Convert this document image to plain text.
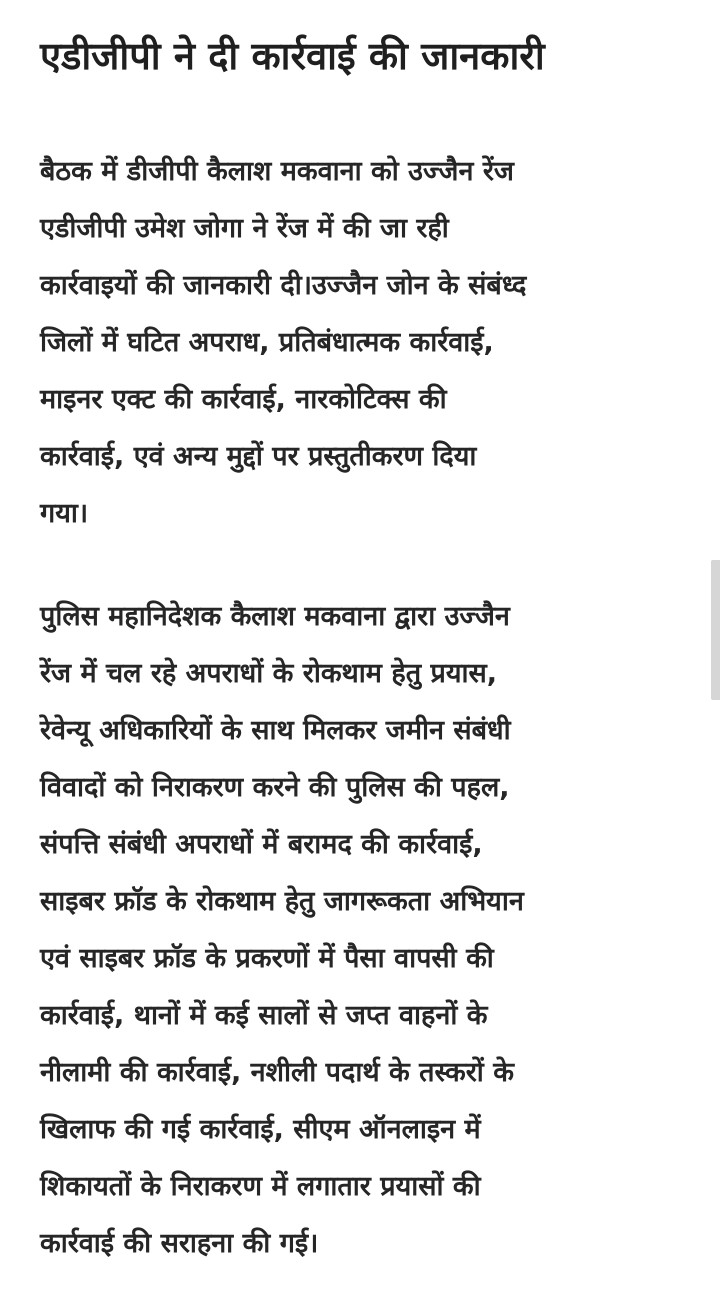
एडीजीपी ने दी कार्रवाई की जानकारी
बैठक में डीजीपी कैलाश मकवाना को उज्जैन रेंज
एडीजीपी उमेश जोगा ने रेंज में की जा रही
कार्रवाइयों की जानकारी दी।उज्जैन जोन के संबंध्द
जिलों में घटित अपराध, प्रतिबंधात्मक कार्रवाई,
माइनर एक्ट की कार्रवाई, नारकोटिक्स की
कार्रवाई, एवं अन्य मुद्दों पर प्रस्तुतीकरण दिया
गया।
पुलिस महानिदेशक कैलाश मकवाना द्वारा उज्जैन
रेंज में चल रहे अपराधों के रोकथाम हेतु प्रयास,
रेवेन्यू अधिकारियों के साथ मिलकर जमीन संबंधी
विवादों को निराकरण करने की पुलिस की पहल,
संपत्ति संबंधी अपराधों में बरामद की कार्रवाई,
साइबर फ्रॉड के रोकथाम हेतु जागरूकता अभियान
एवं साइबर फ्रॉड के प्रकरणों में पैसा वापसी की
कार्रवाई, थानों में कई सालों से जप्त वाहनों के
नीलामी की कार्रवाई, नशीली पदार्थ के तस्करों के
खिलाफ की गई कार्रवाई, सीएम ऑनलाइन में
शिकायतों के निराकरण में लगातार प्रयासों की
कार्रवाई की सराहना की गई।
